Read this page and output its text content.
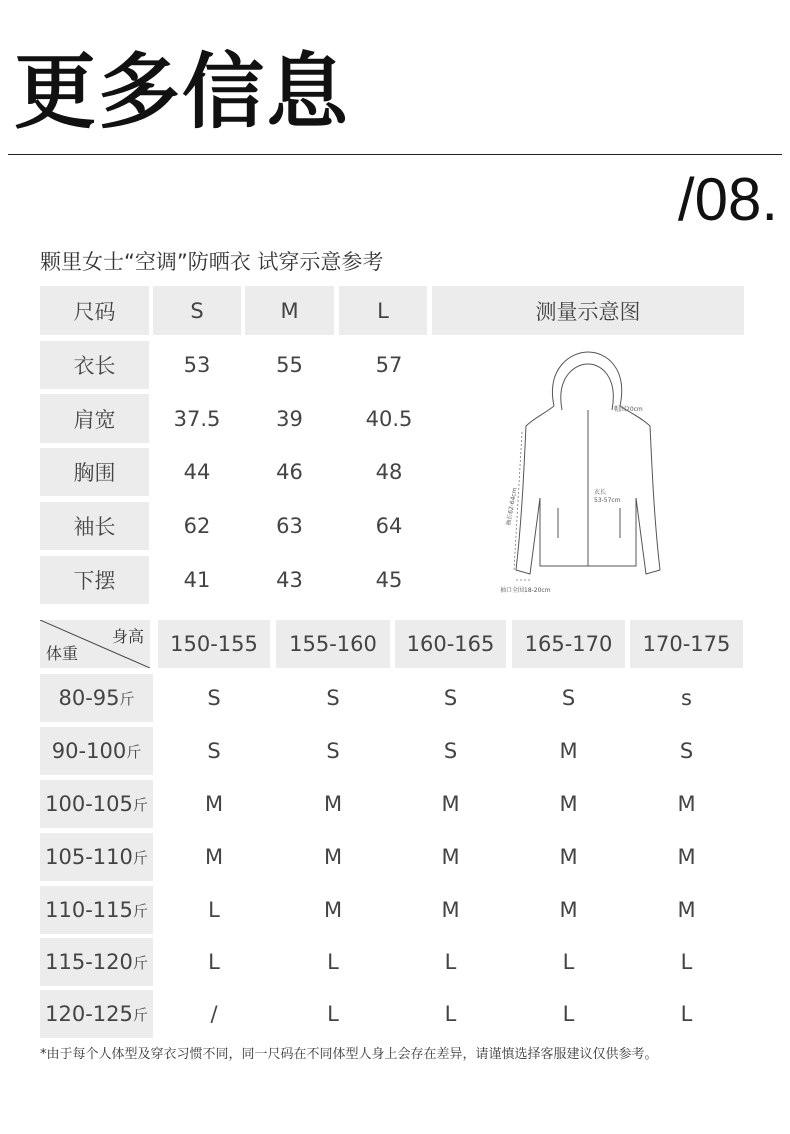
更多信息
/08.
颗里女士“空调”防晒衣 试穿示意参考
尺码	S	M	L	测量示意图
衣长	53	55	57
肩宽	37.5	39	40.5
胸围	44	46	48
袖长	62	63	64
下摆	41	43	45
帽围20cm
衣长
53-57cm
袖口全围18-20cm
袖长62-64cm
身高
体重	150-155	155-160	160-165	165-170	170-175
80-95 斤	S	S	S	S	s
90-100 斤	S	S	S	M	S
100-105 斤	M	M	M	M	M
105-110 斤	M	M	M	M	M
110-115 斤	L	M	M	M	M
115-120 斤	L	L	L	L	L
120-125 斤	/	L	L	L	L
*由于每个人体型及穿衣习惯不同，同一尺码在不同体型人身上会存在差异，请谨慎选择客服建议仅供参考。
